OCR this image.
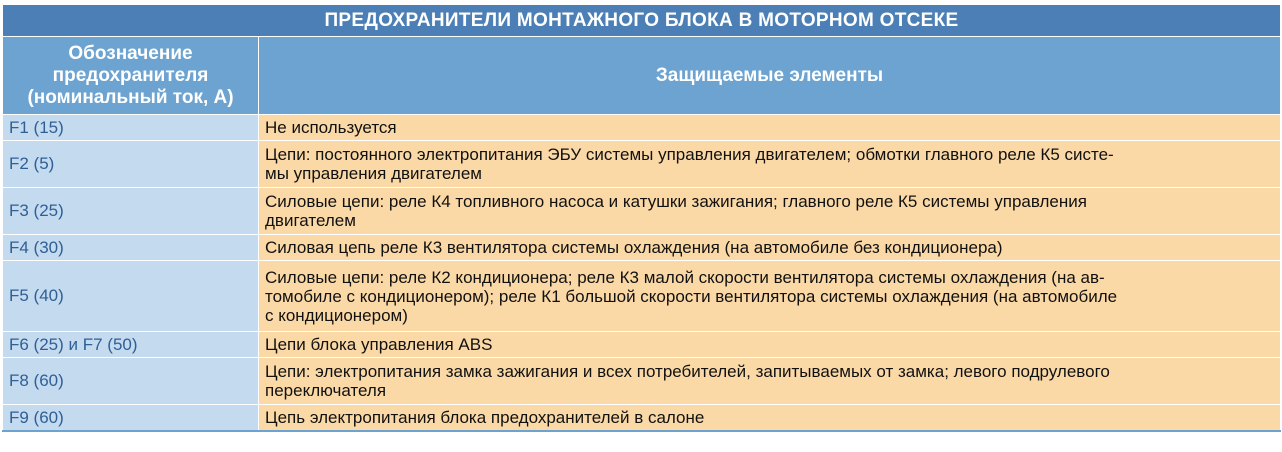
ПРЕДОХРАНИТЕЛИ МОНТАЖНОГО БЛОКА В МОТОРНОМ ОТСЕКЕ	

Обозначение
предохранителя
(номинальный ток, А)	Защищаемые элементы
F1 (15)	Не используется

F2 (5)	Цепи: постоянного электропитания ЭБУ системы управления двигателем; обмотки главного реле К5 систе-
мы управления двигателем

F3 (25)	Силовые цепи: реле К4 топливного насоса и катушки зажигания; главного реле К5 системы управления
двигателем

F4 (30)	Силовая цепь реле К3 вентилятора системы охлаждения (на автомобиле без кондиционера)

F5 (40)	Силовые цепи: реле К2 кондиционера; реле К3 малой скорости вентилятора системы охлаждения (на ав-
томобиле с кондиционером); реле К1 большой скорости вентилятора системы охлаждения (на автомобиле
с кондиционером)

F6 (25) и F7 (50)	Цепи блока управления ABS

F8 (60)	Цепи: электропитания замка зажигания и всех потребителей, запитываемых от замка; левого подрулевого
переключателя

F9 (60)	Цепь электропитания блока предохранителей в салоне
